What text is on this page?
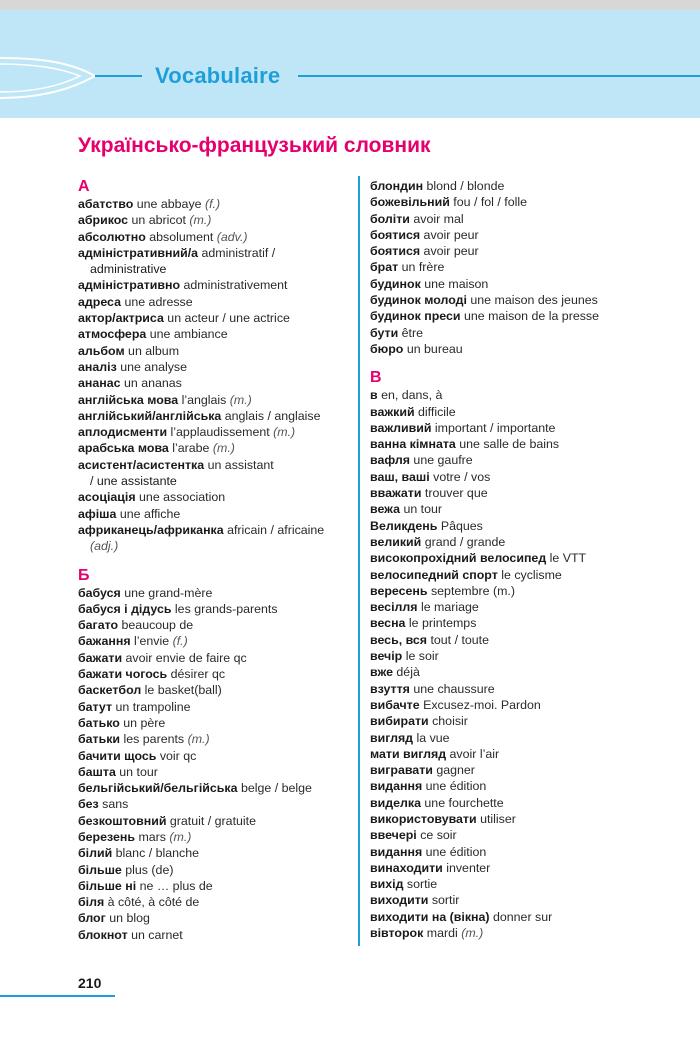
Vocabulaire
Українсько-французький словник

A

абатство une abbaye (f.)

абрикос un abricot (m.)

абсолютно absolument (adv.)

адміністративний/а administratif /

administrative

адміністративно administrativement

адреса une adresse

актор/актриса un acteur / une actrice

атмосфера une ambiance

альбом un album

аналіз une analyse

ананас un ananas

англійська мова l’anglais (m.)

англійський/англійська anglais / anglaise

аплодисменти l’applaudissement (m.)

арабська мова l’arabe (m.)

асистент/асистентка un assistant

/ une assistante

асоціація une association

афіша une affiche

африканець/африканка africain / africaine

(adj.)

Б

бабуся une grand-mère

бабуся і дідусь les grands-parents

багато beaucoup de

бажання l’envie (f.)

бажати avoir envie de faire qc

бажати чогось désirer qc

баскетбол le basket(ball)

батут un trampoline

батько un père

батьки les parents (m.)

бачити щось voir qc

башта un tour

бельгійський/бельгійська belge / belge

без sans

безкоштовний gratuit / gratuite

березень mars (m.)

білий blanc / blanche

більше plus (de)

більше ні ne … plus de

біля à côté, à côté de

блог un blog

блокнот un carnet

блондин blond / blonde

божевільний fou / fol / folle

боліти avoir mal

боятися avoir peur

боятися avoir peur

брат un frère

будинок une maison

будинок молоді une maison des jeunes

будинок преси une maison de la presse

бути être

бюро un bureau

В

в en, dans, à

важкий difficile

важливий important / importante

ванна кімната une salle de bains

вафля une gaufre

ваш, ваші votre / vos

вважати trouver que

вежа un tour

Великдень Pâques

великий grand / grande

високопрохідний велосипед le VTT

велосипедний спорт le cyclisme

вересень septembre (m.)

весілля le mariage

весна le printemps

весь, вся tout / toute

вечір le soir

вже déjà

взуття une chaussure

вибачте Excusez-moi. Pardon

вибирати choisir

вигляд la vue

мати вигляд avoir l’air

вигравати gagner

видання une édition

виделка une fourchette

використовувати utiliser

ввечері ce soir

видання une édition

винаходити inventer

вихід sortie

виходити sortir

виходити на (вікна) donner sur

вівторок mardi (m.)

210
